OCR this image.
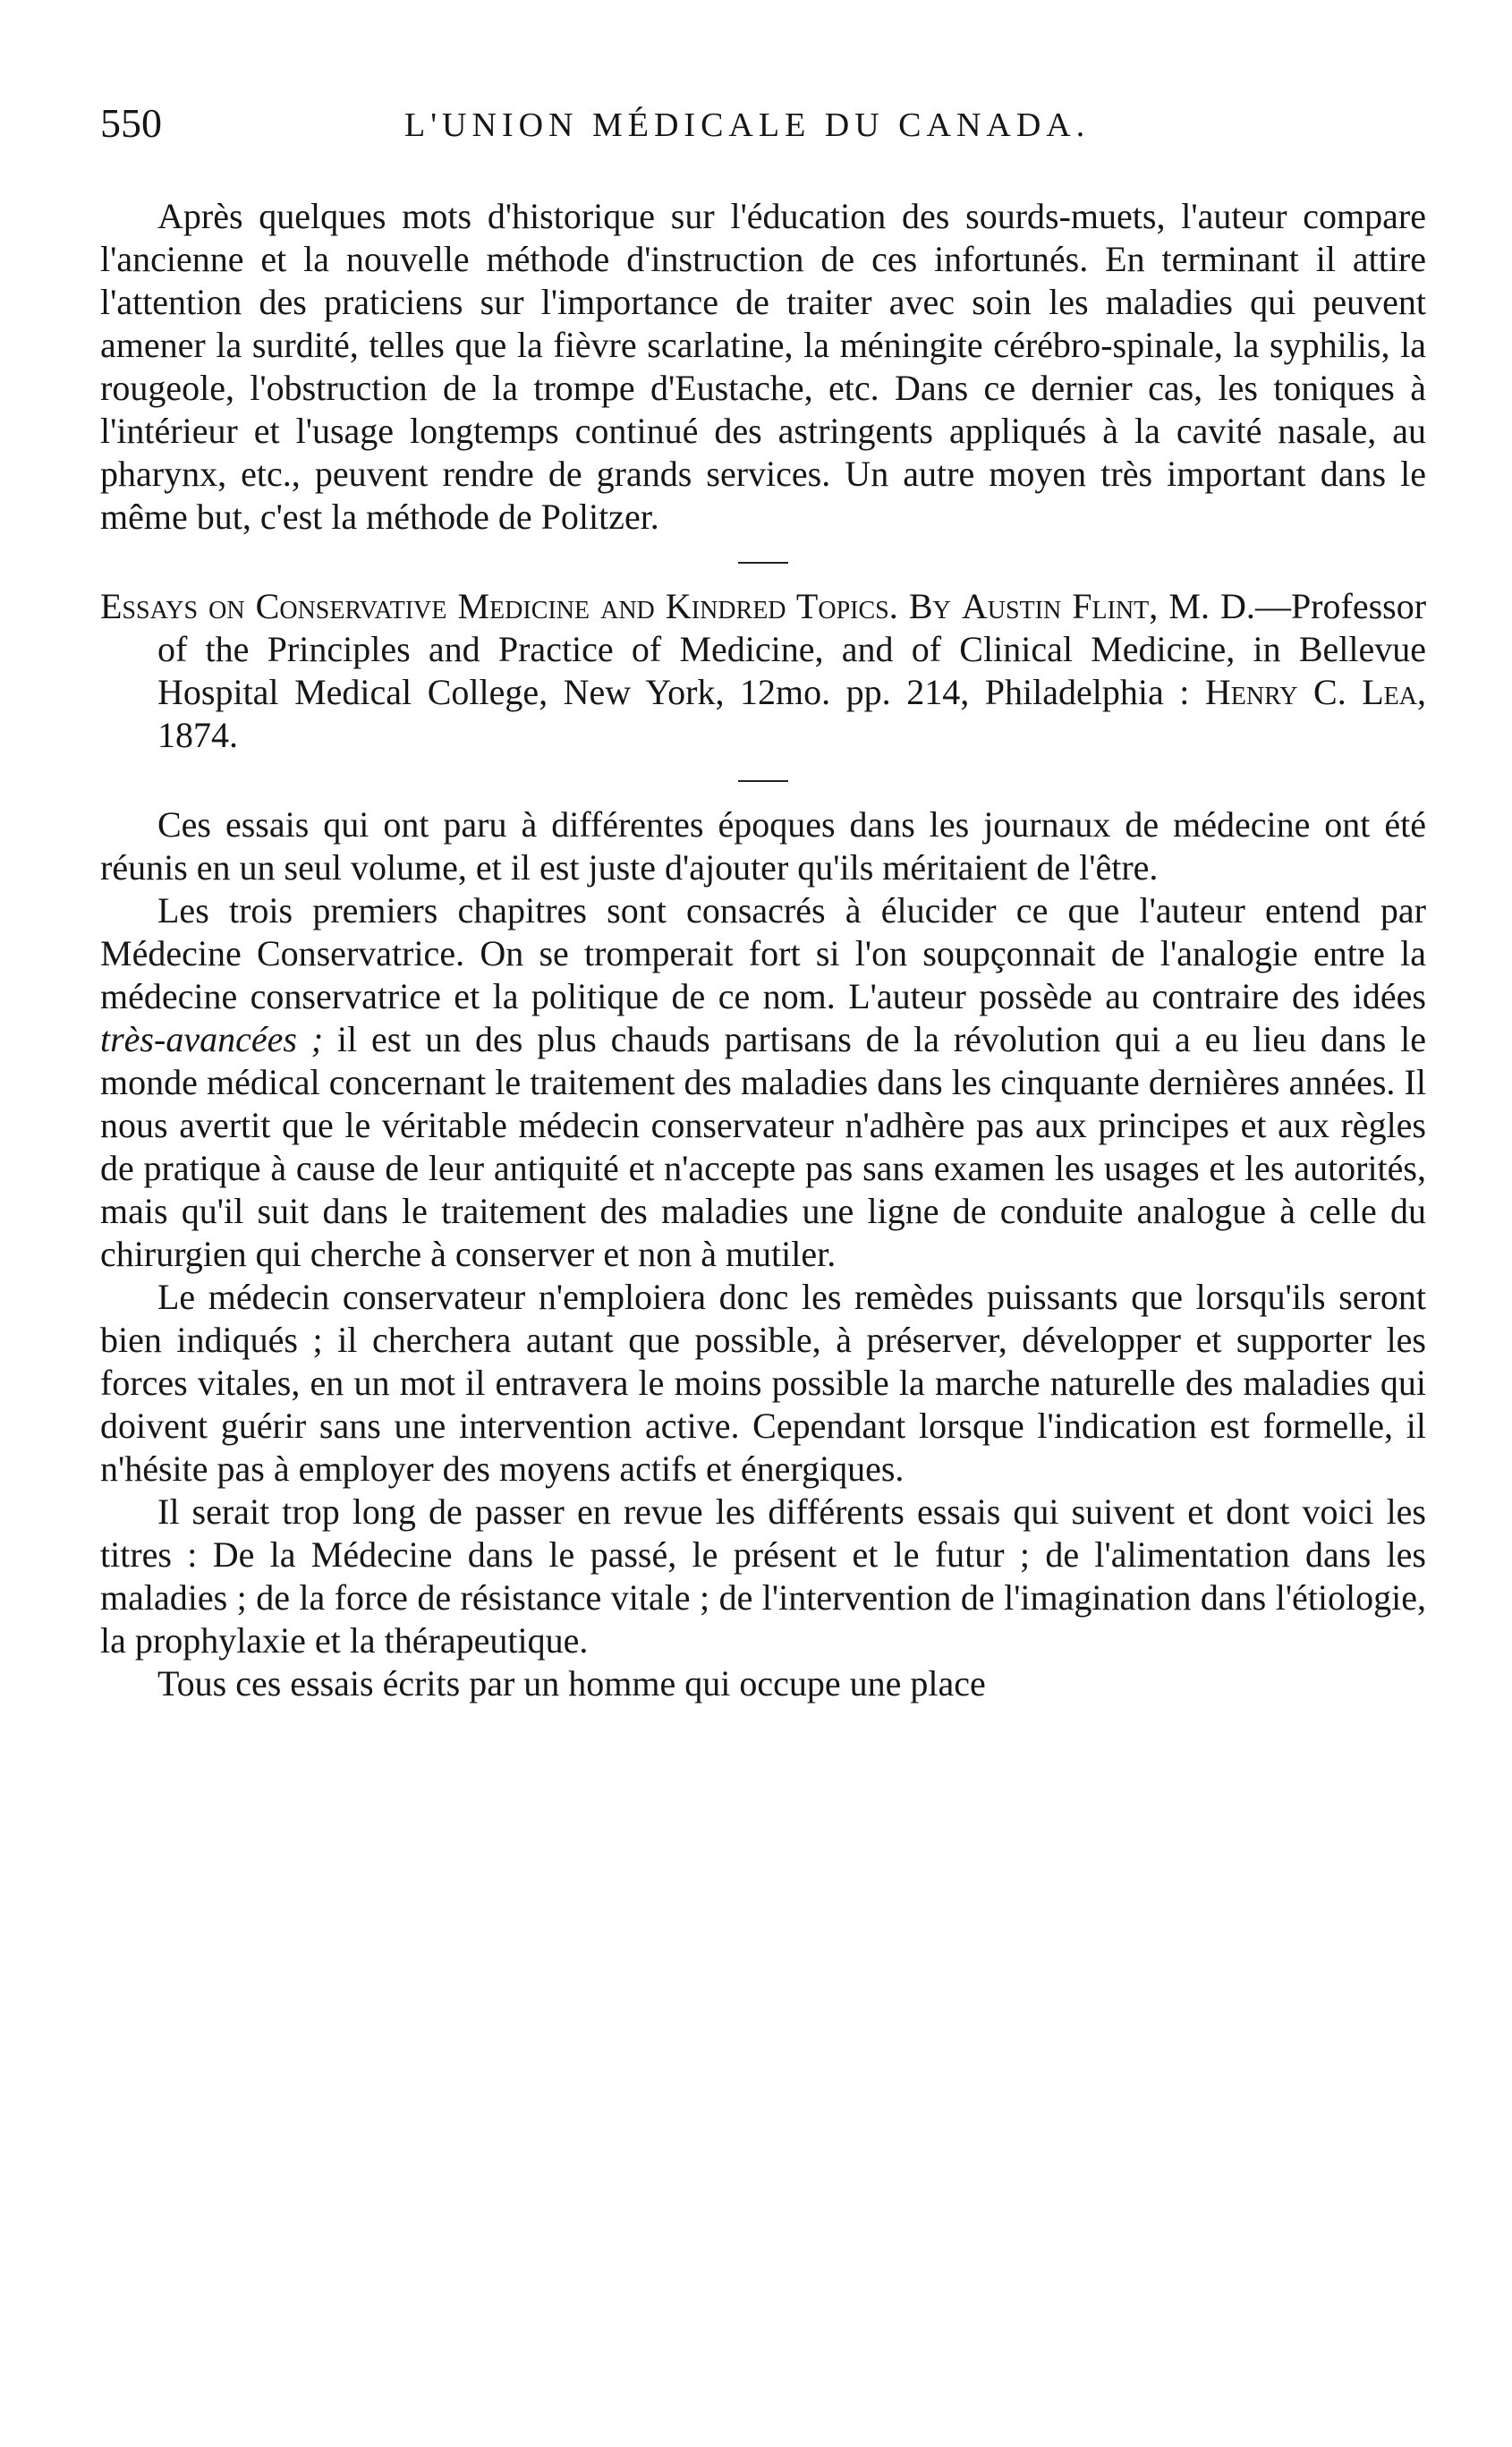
550	L'UNION MÉDICALE DU CANADA.

Après quelques mots d'historique sur l'éducation des sourds-muets, l'auteur compare l'ancienne et la nouvelle méthode d'instruction de ces infortunés. En terminant il attire l'attention des praticiens sur l'importance de traiter avec soin les maladies qui peuvent amener la surdité, telles que la fièvre scarlatine, la méningite cérébro-spinale, la syphilis, la rougeole, l'obstruction de la trompe d'Eustache, etc. Dans ce dernier cas, les toniques à l'intérieur et l'usage longtemps continué des astringents appliqués à la cavité nasale, au pharynx, etc., peuvent rendre de grands services. Un autre moyen très important dans le même but, c'est la méthode de Politzer.

Essays on Conservative Medicine and Kindred Topics. By Austin Flint, M. D.—Professor of the Principles and Practice of Medicine, and of Clinical Medicine, in Bellevue Hospital Medical College, New York, 12mo. pp. 214, Philadelphia : Henry C. Lea, 1874.

Ces essais qui ont paru à différentes époques dans les journaux de médecine ont été réunis en un seul volume, et il est juste d'ajouter qu'ils méritaient de l'être.

Les trois premiers chapitres sont consacrés à élucider ce que l'auteur entend par Médecine Conservatrice. On se tromperait fort si l'on soupçonnait de l'analogie entre la médecine conservatrice et la politique de ce nom. L'auteur possède au contraire des idées très-avancées ; il est un des plus chauds partisans de la révolution qui a eu lieu dans le monde médical concernant le traitement des maladies dans les cinquante dernières années. Il nous avertit que le véritable médecin conservateur n'adhère pas aux principes et aux règles de pratique à cause de leur antiquité et n'accepte pas sans examen les usages et les autorités, mais qu'il suit dans le traitement des maladies une ligne de conduite analogue à celle du chirurgien qui cherche à conserver et non à mutiler.

Le médecin conservateur n'emploiera donc les remèdes puissants que lorsqu'ils seront bien indiqués ; il cherchera autant que possible, à préserver, développer et supporter les forces vitales, en un mot il entravera le moins possible la marche naturelle des maladies qui doivent guérir sans une intervention active. Cependant lorsque l'indication est formelle, il n'hésite pas à employer des moyens actifs et énergiques.

Il serait trop long de passer en revue les différents essais qui suivent et dont voici les titres : De la Médecine dans le passé, le présent et le futur ; de l'alimentation dans les maladies ; de la force de résistance vitale ; de l'intervention de l'imagination dans l'étiologie, la prophylaxie et la thérapeutique.

Tous ces essais écrits par un homme qui occupe une place
